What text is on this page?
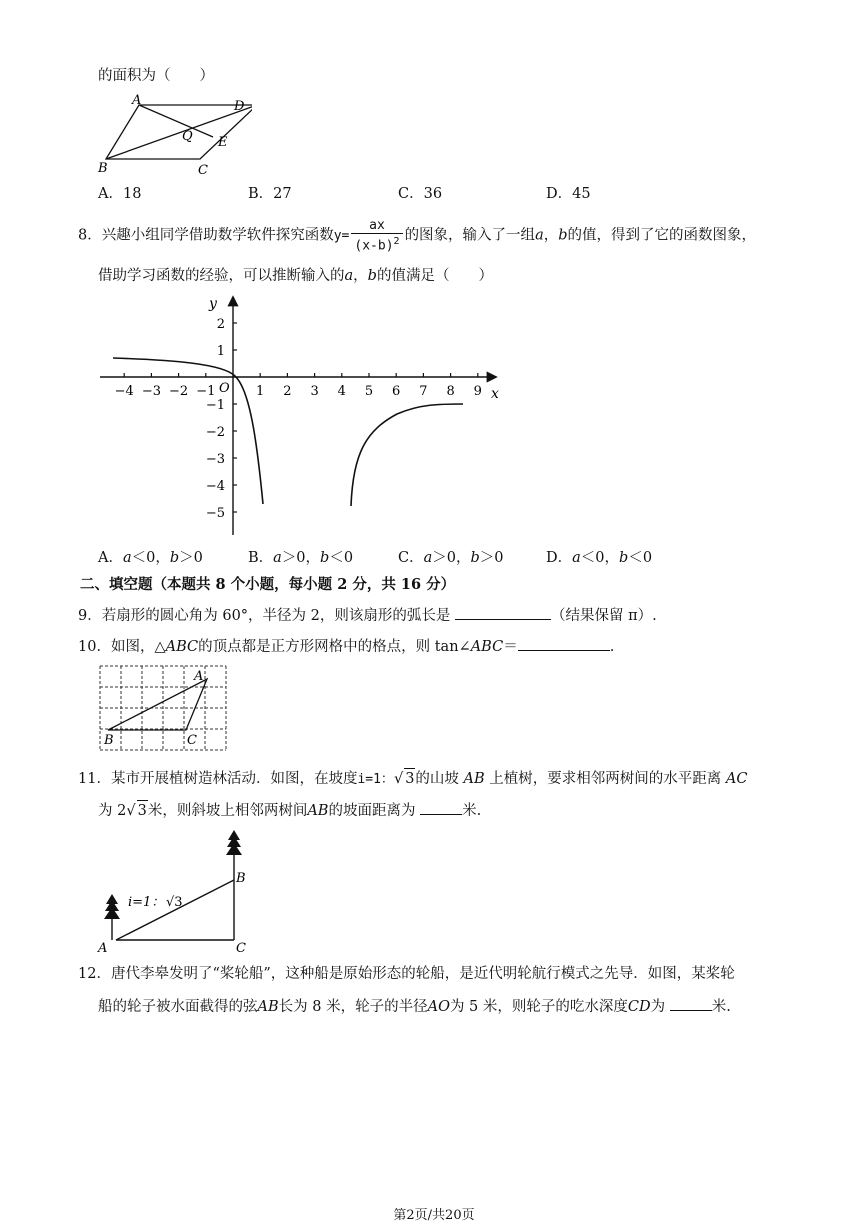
的面积为（　　）
A	D
Q E
B	C
A．18	B．27	C．36	D．45
8．兴趣小组同学借助数学软件探究函数$y= \frac{ax}{(x-b)^2}$ 的图象，输入了一组a，b的值，得到了它的函数图象，
借助学习函数的经验，可以推断输入的a，b的值满足（　　）
−4 −3 −2 −1	1 2 3 4 5 6 7 8 9
2
1
−1
−2
−3
−4
−5
y
x
O
A．a＜0，b＞0	B．a＞0，b＜0	C．a＞0，b＞0	D．a＜0，b＜0
二、填空题（本题共 8 个小题，每小题 2 分，共 16 分）
9．若扇形的圆心角为 60°，半径为 2，则该扇形的弧长是	（结果保留 π）.
10．如图，△ABC的顶点都是正方形网格中的格点，则 tan∠ABC＝	.
A
B	C
11．某市开展植树造林活动．如图，在坡度i=1：√ 3的山坡 AB 上植树，要求相邻两树间的水平距离 AC
为 2√ 3米，则斜坡上相邻两树间AB的坡面距离为	米.
i=1： √3
A
B
C
12．唐代李皋发明了“桨轮船”，这种船是原始形态的轮船，是近代明轮航行模式之先导．如图，某桨轮
船的轮子被水面截得的弦AB长为 8 米，轮子的半径AO为 5 米，则轮子的吃水深度CD为	米.
第2页/共20页
